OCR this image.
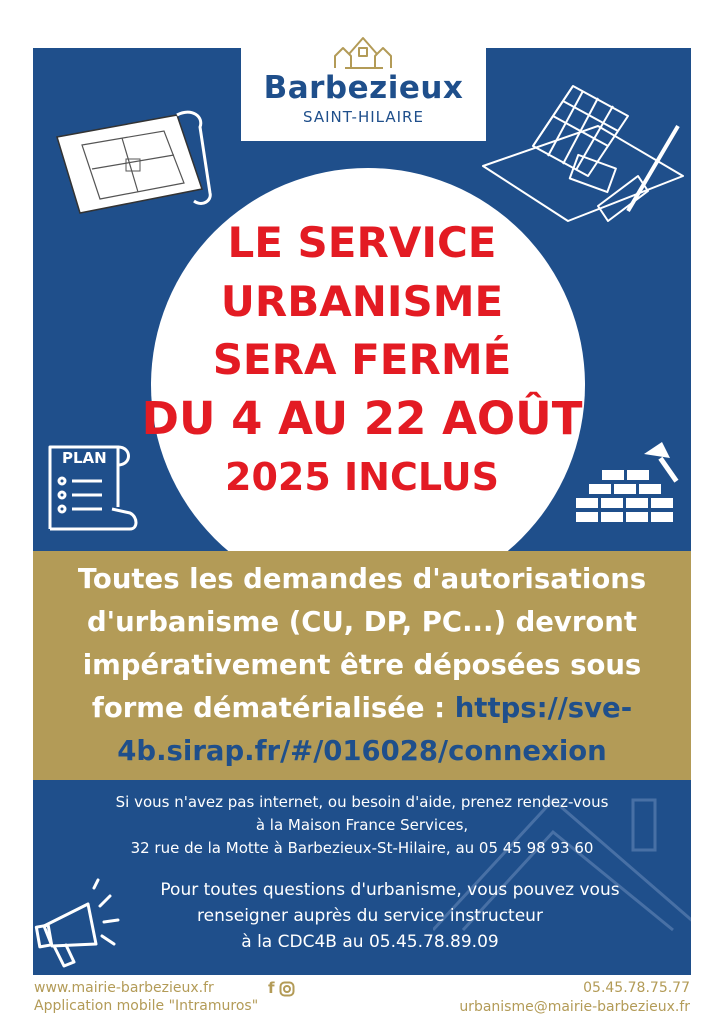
Barbezieux
SAINT-HILAIRE
LE SERVICE
URBANISME
SERA FERMÉ
DU 4 AU 22 AOÛT
2025 INCLUS
PLAN
Toutes les demandes d'autorisations
d'urbanisme (CU, DP, PC...) devront
impérativement être déposées sous
forme dématérialisée : https://sve-
4b.sirap.fr/#/016028/connexion
Si vous n'avez pas internet, ou besoin d'aide, prenez rendez-vous
à la Maison France Services,
32 rue de la Motte à Barbezieux-St-Hilaire, au 05 45 98 93 60
Pour toutes questions d'urbanisme, vous pouvez vous
renseigner auprès du service instructeur
à la CDC4B au 05.45.78.89.09
www.mairie-barbezieux.fr
Application mobile "Intramuros"
f	05.45.78.75.77
urbanisme@mairie-barbezieux.fr
